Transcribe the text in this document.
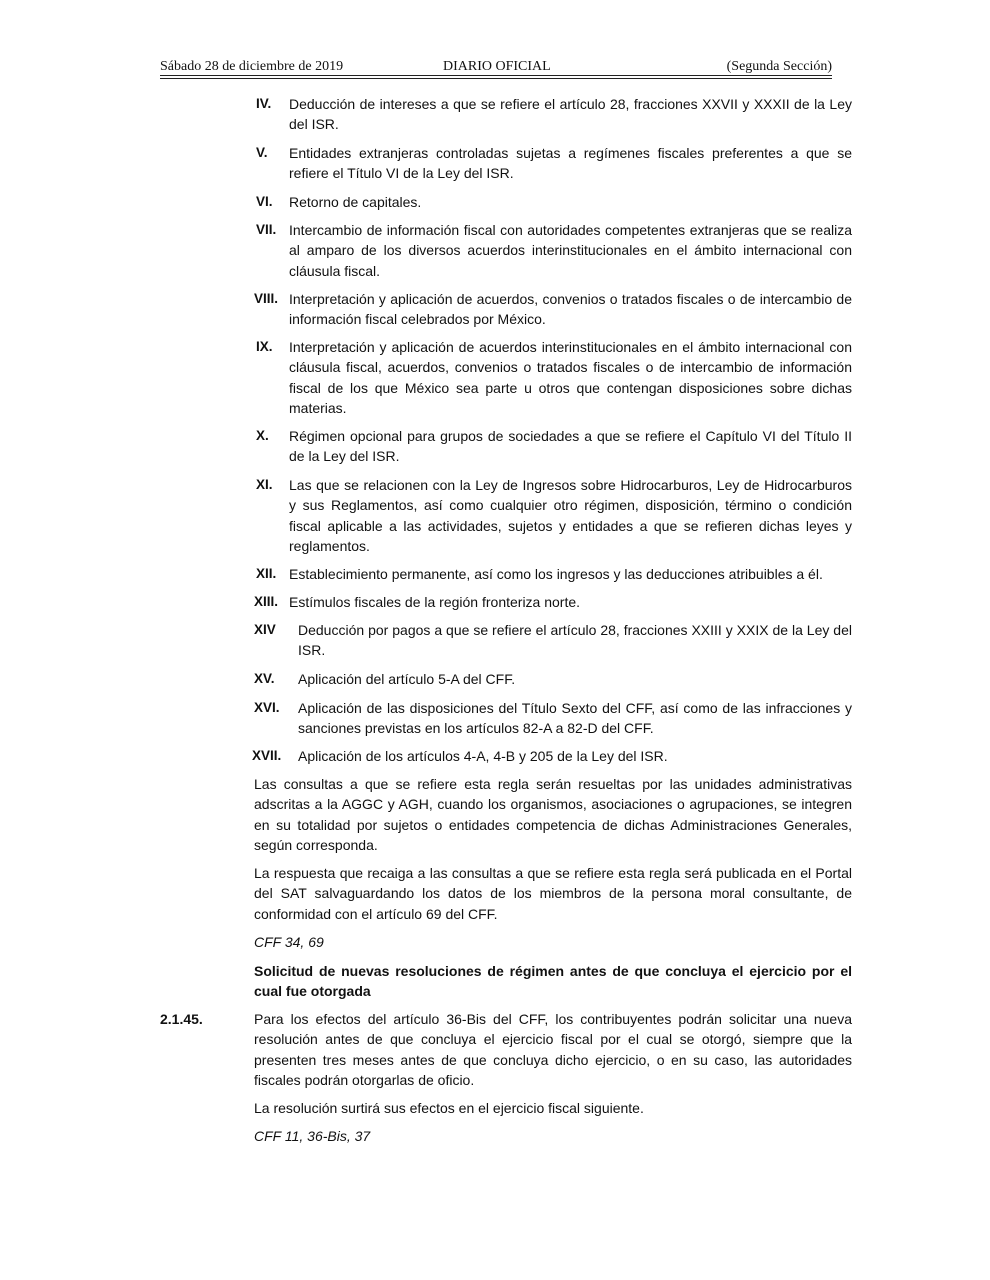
Sábado 28 de diciembre de 2019	DIARIO OFICIAL	(Segunda Sección)
IV. Deducción de intereses a que se refiere el artículo 28, fracciones XXVII y XXXII de la Ley del ISR.
V. Entidades extranjeras controladas sujetas a regímenes fiscales preferentes a que se refiere el Título VI de la Ley del ISR.
VI. Retorno de capitales.
VII. Intercambio de información fiscal con autoridades competentes extranjeras que se realiza al amparo de los diversos acuerdos interinstitucionales en el ámbito internacional con cláusula fiscal.
VIII. Interpretación y aplicación de acuerdos, convenios o tratados fiscales o de intercambio de información fiscal celebrados por México.
IX. Interpretación y aplicación de acuerdos interinstitucionales en el ámbito internacional con cláusula fiscal, acuerdos, convenios o tratados fiscales o de intercambio de información fiscal de los que México sea parte u otros que contengan disposiciones sobre dichas materias.
X. Régimen opcional para grupos de sociedades a que se refiere el Capítulo VI del Título II de la Ley del ISR.
XI. Las que se relacionen con la Ley de Ingresos sobre Hidrocarburos, Ley de Hidrocarburos y sus Reglamentos, así como cualquier otro régimen, disposición, término o condición fiscal aplicable a las actividades, sujetos y entidades a que se refieren dichas leyes y reglamentos.
XII. Establecimiento permanente, así como los ingresos y las deducciones atribuibles a él.
XIII. Estímulos fiscales de la región fronteriza norte.
XIV Deducción por pagos a que se refiere el artículo 28, fracciones XXIII y XXIX de la Ley del ISR.
XV. Aplicación del artículo 5-A del CFF.
XVI. Aplicación de las disposiciones del Título Sexto del CFF, así como de las infracciones y sanciones previstas en los artículos 82-A a 82-D del CFF.
XVII. Aplicación de los artículos 4-A, 4-B y 205 de la Ley del ISR.
Las consultas a que se refiere esta regla serán resueltas por las unidades administrativas adscritas a la AGGC y AGH, cuando los organismos, asociaciones o agrupaciones, se integren en su totalidad por sujetos o entidades competencia de dichas Administraciones Generales, según corresponda.
La respuesta que recaiga a las consultas a que se refiere esta regla será publicada en el Portal del SAT salvaguardando los datos de los miembros de la persona moral consultante, de conformidad con el artículo 69 del CFF.
CFF 34, 69
Solicitud de nuevas resoluciones de régimen antes de que concluya el ejercicio por el cual fue otorgada
2.1.45.	Para los efectos del artículo 36-Bis del CFF, los contribuyentes podrán solicitar una nueva resolución antes de que concluya el ejercicio fiscal por el cual se otorgó, siempre que la presenten tres meses antes de que concluya dicho ejercicio, o en su caso, las autoridades fiscales podrán otorgarlas de oficio.
La resolución surtirá sus efectos en el ejercicio fiscal siguiente.
CFF 11, 36-Bis, 37
